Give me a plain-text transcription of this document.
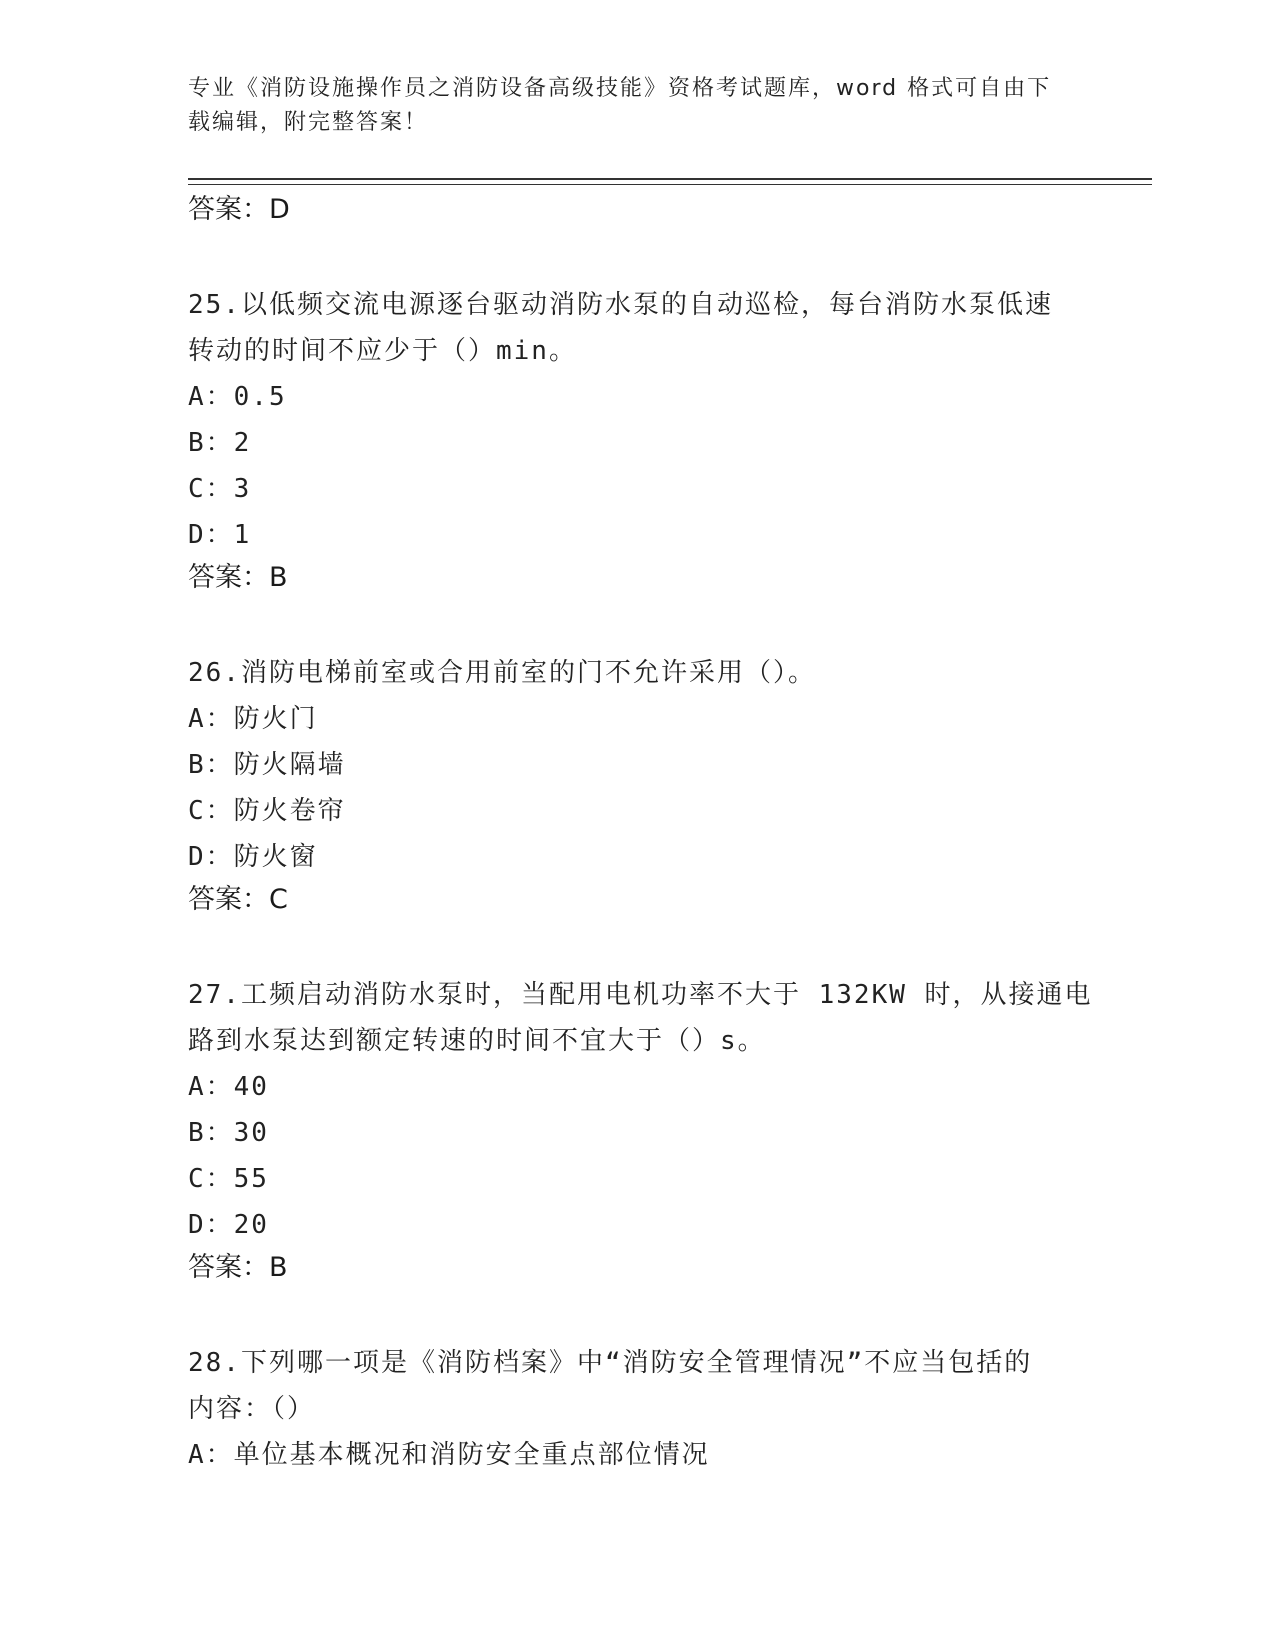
专业《消防设施操作员之消防设备高级技能》资格考试题库，word 格式可自由下
载编辑，附完整答案！

答案：D

25.以低频交流电源逐台驱动消防水泵的自动巡检，每台消防水泵低速

转动的时间不应少于（）min。

A：0.5

B：2

C：3

D：1

答案：B

26.消防电梯前室或合用前室的门不允许采用（）。

A：防火门

B：防火隔墙

C：防火卷帘

D：防火窗

答案：C

27.工频启动消防水泵时，当配用电机功率不大于 132KW 时，从接通电

路到水泵达到额定转速的时间不宜大于（）s。

A：40

B：30

C：55

D：20

答案：B

28.下列哪一项是《消防档案》中“消防安全管理情况”不应当包括的

内容：（）

A：单位基本概况和消防安全重点部位情况
